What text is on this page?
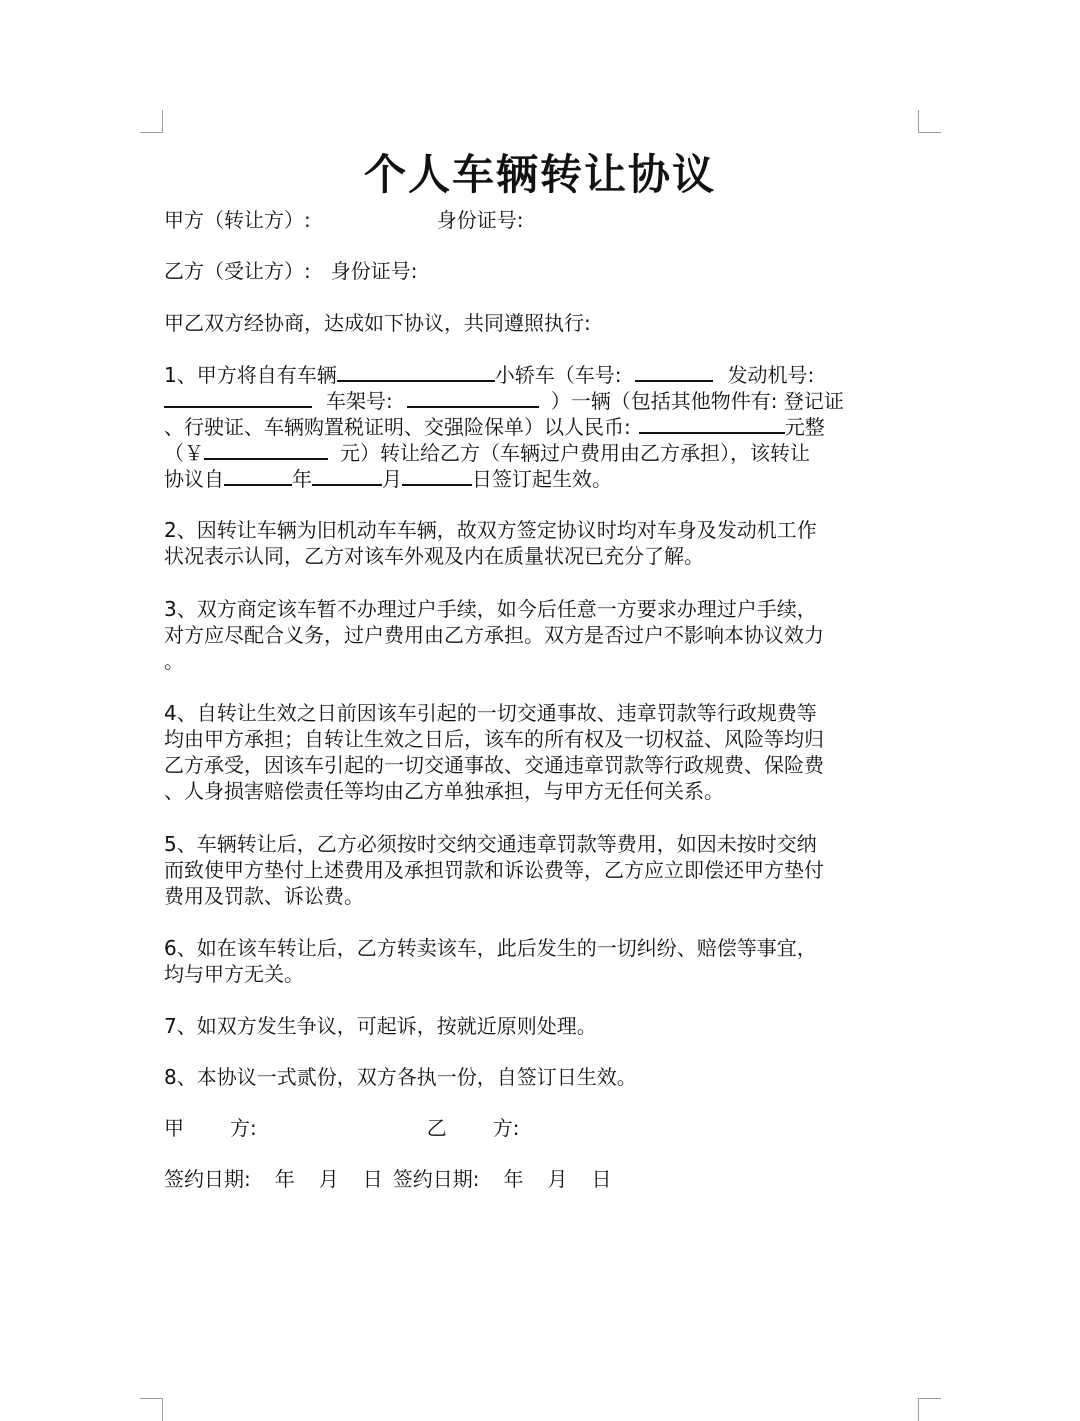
个人车辆转让协议
甲方（转让方）:	身份证号:
乙方（受让方）: 身份证号:
甲乙双方经协商，达成如下协议，共同遵照执行:
1、甲方将自有车辆	小轿车（车号:	发动机号:
车架号:	）一辆（包括其他物件有: 登记证
、行驶证、车辆购置税证明、交强险保单）以人民币:	元整
（￥	元）转让给乙方（车辆过户费用由乙方承担），该转让
协议自	年	月	日签订起生效。
2、因转让车辆为旧机动车车辆，故双方签定协议时均对车身及发动机工作
状况表示认同，乙方对该车外观及内在质量状况已充分了解。
3、双方商定该车暂不办理过户手续，如今后任意一方要求办理过户手续，
对方应尽配合义务，过户费用由乙方承担。双方是否过户不影响本协议效力
。
4、自转让生效之日前因该车引起的一切交通事故、违章罚款等行政规费等
均由甲方承担；自转让生效之日后，该车的所有权及一切权益、风险等均归
乙方承受，因该车引起的一切交通事故、交通违章罚款等行政规费、保险费
、人身损害赔偿责任等均由乙方单独承担，与甲方无任何关系。
5、车辆转让后，乙方必须按时交纳交通违章罚款等费用，如因未按时交纳
而致使甲方垫付上述费用及承担罚款和诉讼费等，乙方应立即偿还甲方垫付
费用及罚款、诉讼费。
6、如在该车转让后，乙方转卖该车，此后发生的一切纠纷、赔偿等事宜，
均与甲方无关。
7、如双方发生争议，可起诉，按就近原则处理。
8、本协议一式贰份，双方各执一份，自签订日生效。
甲 方:	乙 方:
签约日期: 年 月 日 签约日期: 年 月 日
